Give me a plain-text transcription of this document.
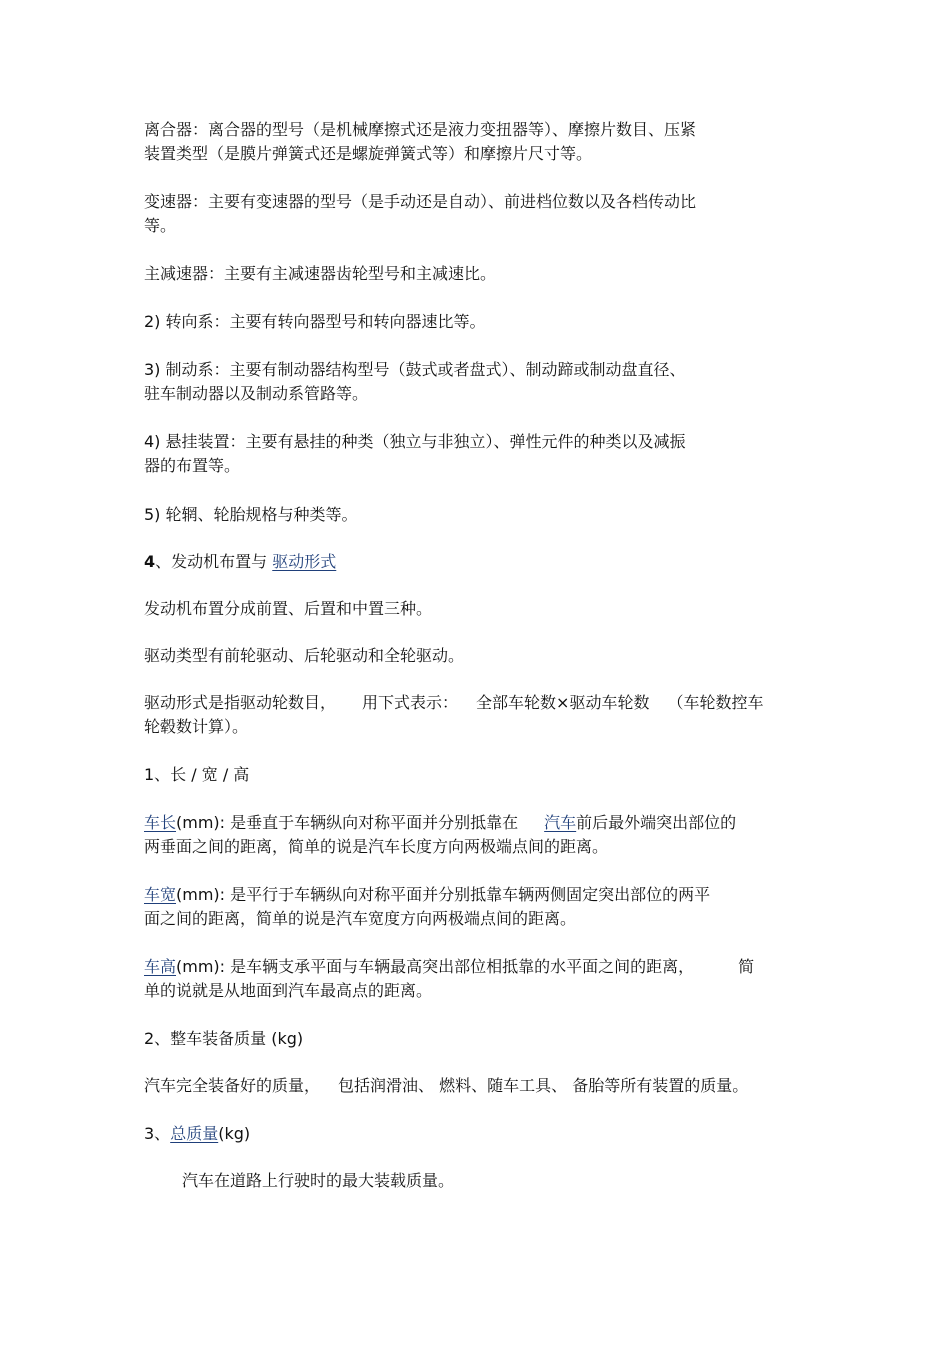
离合器：离合器的型号（是机械摩擦式还是液力变扭器等）、摩擦片数目、压紧
装置类型（是膜片弹簧式还是螺旋弹簧式等）和摩擦片尺寸等。

变速器：主要有变速器的型号（是手动还是自动）、前进档位数以及各档传动比
等。

主减速器：主要有主减速器齿轮型号和主减速比。

2) 转向系：主要有转向器型号和转向器速比等。

3) 制动系：主要有制动器结构型号（鼓式或者盘式）、制动蹄或制动盘直径、
驻车制动器以及制动系管路等。

4) 悬挂装置：主要有悬挂的种类（独立与非独立）、弹性元件的种类以及减振
器的布置等。

5) 轮辋、轮胎规格与种类等。

4、发动机布置与 驱动形式

发动机布置分成前置、后置和中置三种。

驱动类型有前轮驱动、后轮驱动和全轮驱动。

驱动形式是指驱动轮数目， 用下式表示： 全部车轮数×驱动车轮数 （车轮数控车
轮毂数计算）。

1、长 / 宽 / 高

车长(mm): 是垂直于车辆纵向对称平面并分别抵靠在 汽车前后最外端突出部位的
两垂面之间的距离，简单的说是汽车长度方向两极端点间的距离。

车宽(mm): 是平行于车辆纵向对称平面并分别抵靠车辆两侧固定突出部位的两平
面之间的距离，简单的说是汽车宽度方向两极端点间的距离。

车高(mm): 是车辆支承平面与车辆最高突出部位相抵靠的水平面之间的距离，	简
单的说就是从地面到汽车最高点的距离。

2、整车装备质量 (kg)

汽车完全装备好的质量， 包括润滑油、 燃料、随车工具、 备胎等所有装置的质量。

3、总质量(kg)

汽车在道路上行驶时的最大装载质量。
